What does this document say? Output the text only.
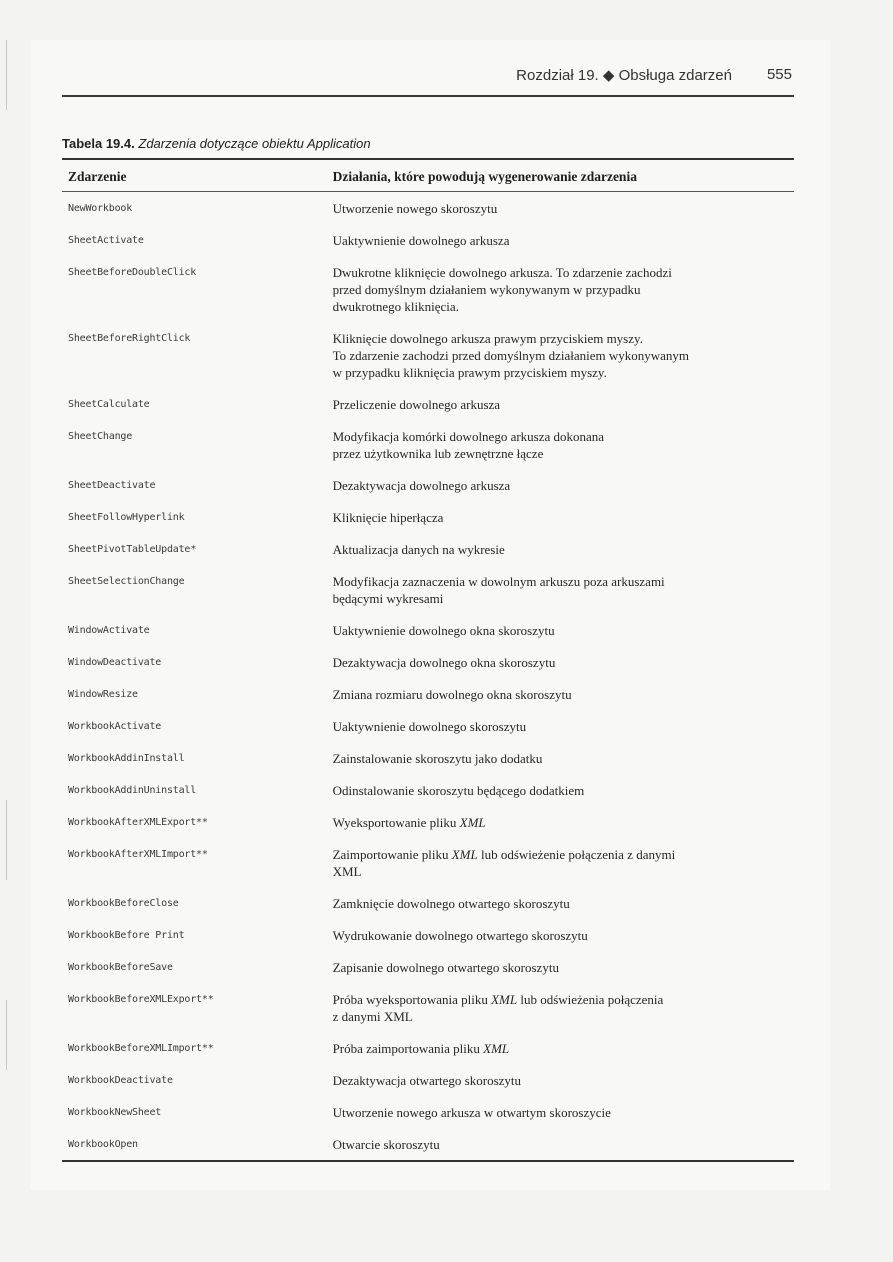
Rozdział 19. ◆ Obsługa zdarzeń 555
Tabela 19.4. Zdarzenia dotyczące obiektu Application
Zdarzenie	Działania, które powodują wygenerowanie zdarzenia
NewWorkbook	Utworzenie nowego skoroszytu
SheetActivate	Uaktywnienie dowolnego arkusza
SheetBeforeDoubleClick	Dwukrotne kliknięcie dowolnego arkusza. To zdarzenie zachodzi
przed domyślnym działaniem wykonywanym w przypadku
dwukrotnego kliknięcia.
SheetBeforeRightClick	Kliknięcie dowolnego arkusza prawym przyciskiem myszy.
To zdarzenie zachodzi przed domyślnym działaniem wykonywanym
w przypadku kliknięcia prawym przyciskiem myszy.
SheetCalculate	Przeliczenie dowolnego arkusza
SheetChange	Modyfikacja komórki dowolnego arkusza dokonana
przez użytkownika lub zewnętrzne łącze
SheetDeactivate	Dezaktywacja dowolnego arkusza
SheetFollowHyperlink	Kliknięcie hiperłącza
SheetPivotTableUpdate*	Aktualizacja danych na wykresie
SheetSelectionChange	Modyfikacja zaznaczenia w dowolnym arkuszu poza arkuszami
będącymi wykresami
WindowActivate	Uaktywnienie dowolnego okna skoroszytu
WindowDeactivate	Dezaktywacja dowolnego okna skoroszytu
WindowResize	Zmiana rozmiaru dowolnego okna skoroszytu
WorkbookActivate	Uaktywnienie dowolnego skoroszytu
WorkbookAddinInstall	Zainstalowanie skoroszytu jako dodatku
WorkbookAddinUninstall	Odinstalowanie skoroszytu będącego dodatkiem
WorkbookAfterXMLExport**	Wyeksportowanie pliku XML
WorkbookAfterXMLImport**	Zaimportowanie pliku XML lub odświeżenie połączenia z danymi
XML
WorkbookBeforeClose	Zamknięcie dowolnego otwartego skoroszytu
WorkbookBefore Print	Wydrukowanie dowolnego otwartego skoroszytu
WorkbookBeforeSave	Zapisanie dowolnego otwartego skoroszytu
WorkbookBeforeXMLExport**	Próba wyeksportowania pliku XML lub odświeżenia połączenia
z danymi XML
WorkbookBeforeXMLImport**	Próba zaimportowania pliku XML
WorkbookDeactivate	Dezaktywacja otwartego skoroszytu
WorkbookNewSheet	Utworzenie nowego arkusza w otwartym skoroszycie
WorkbookOpen	Otwarcie skoroszytu
